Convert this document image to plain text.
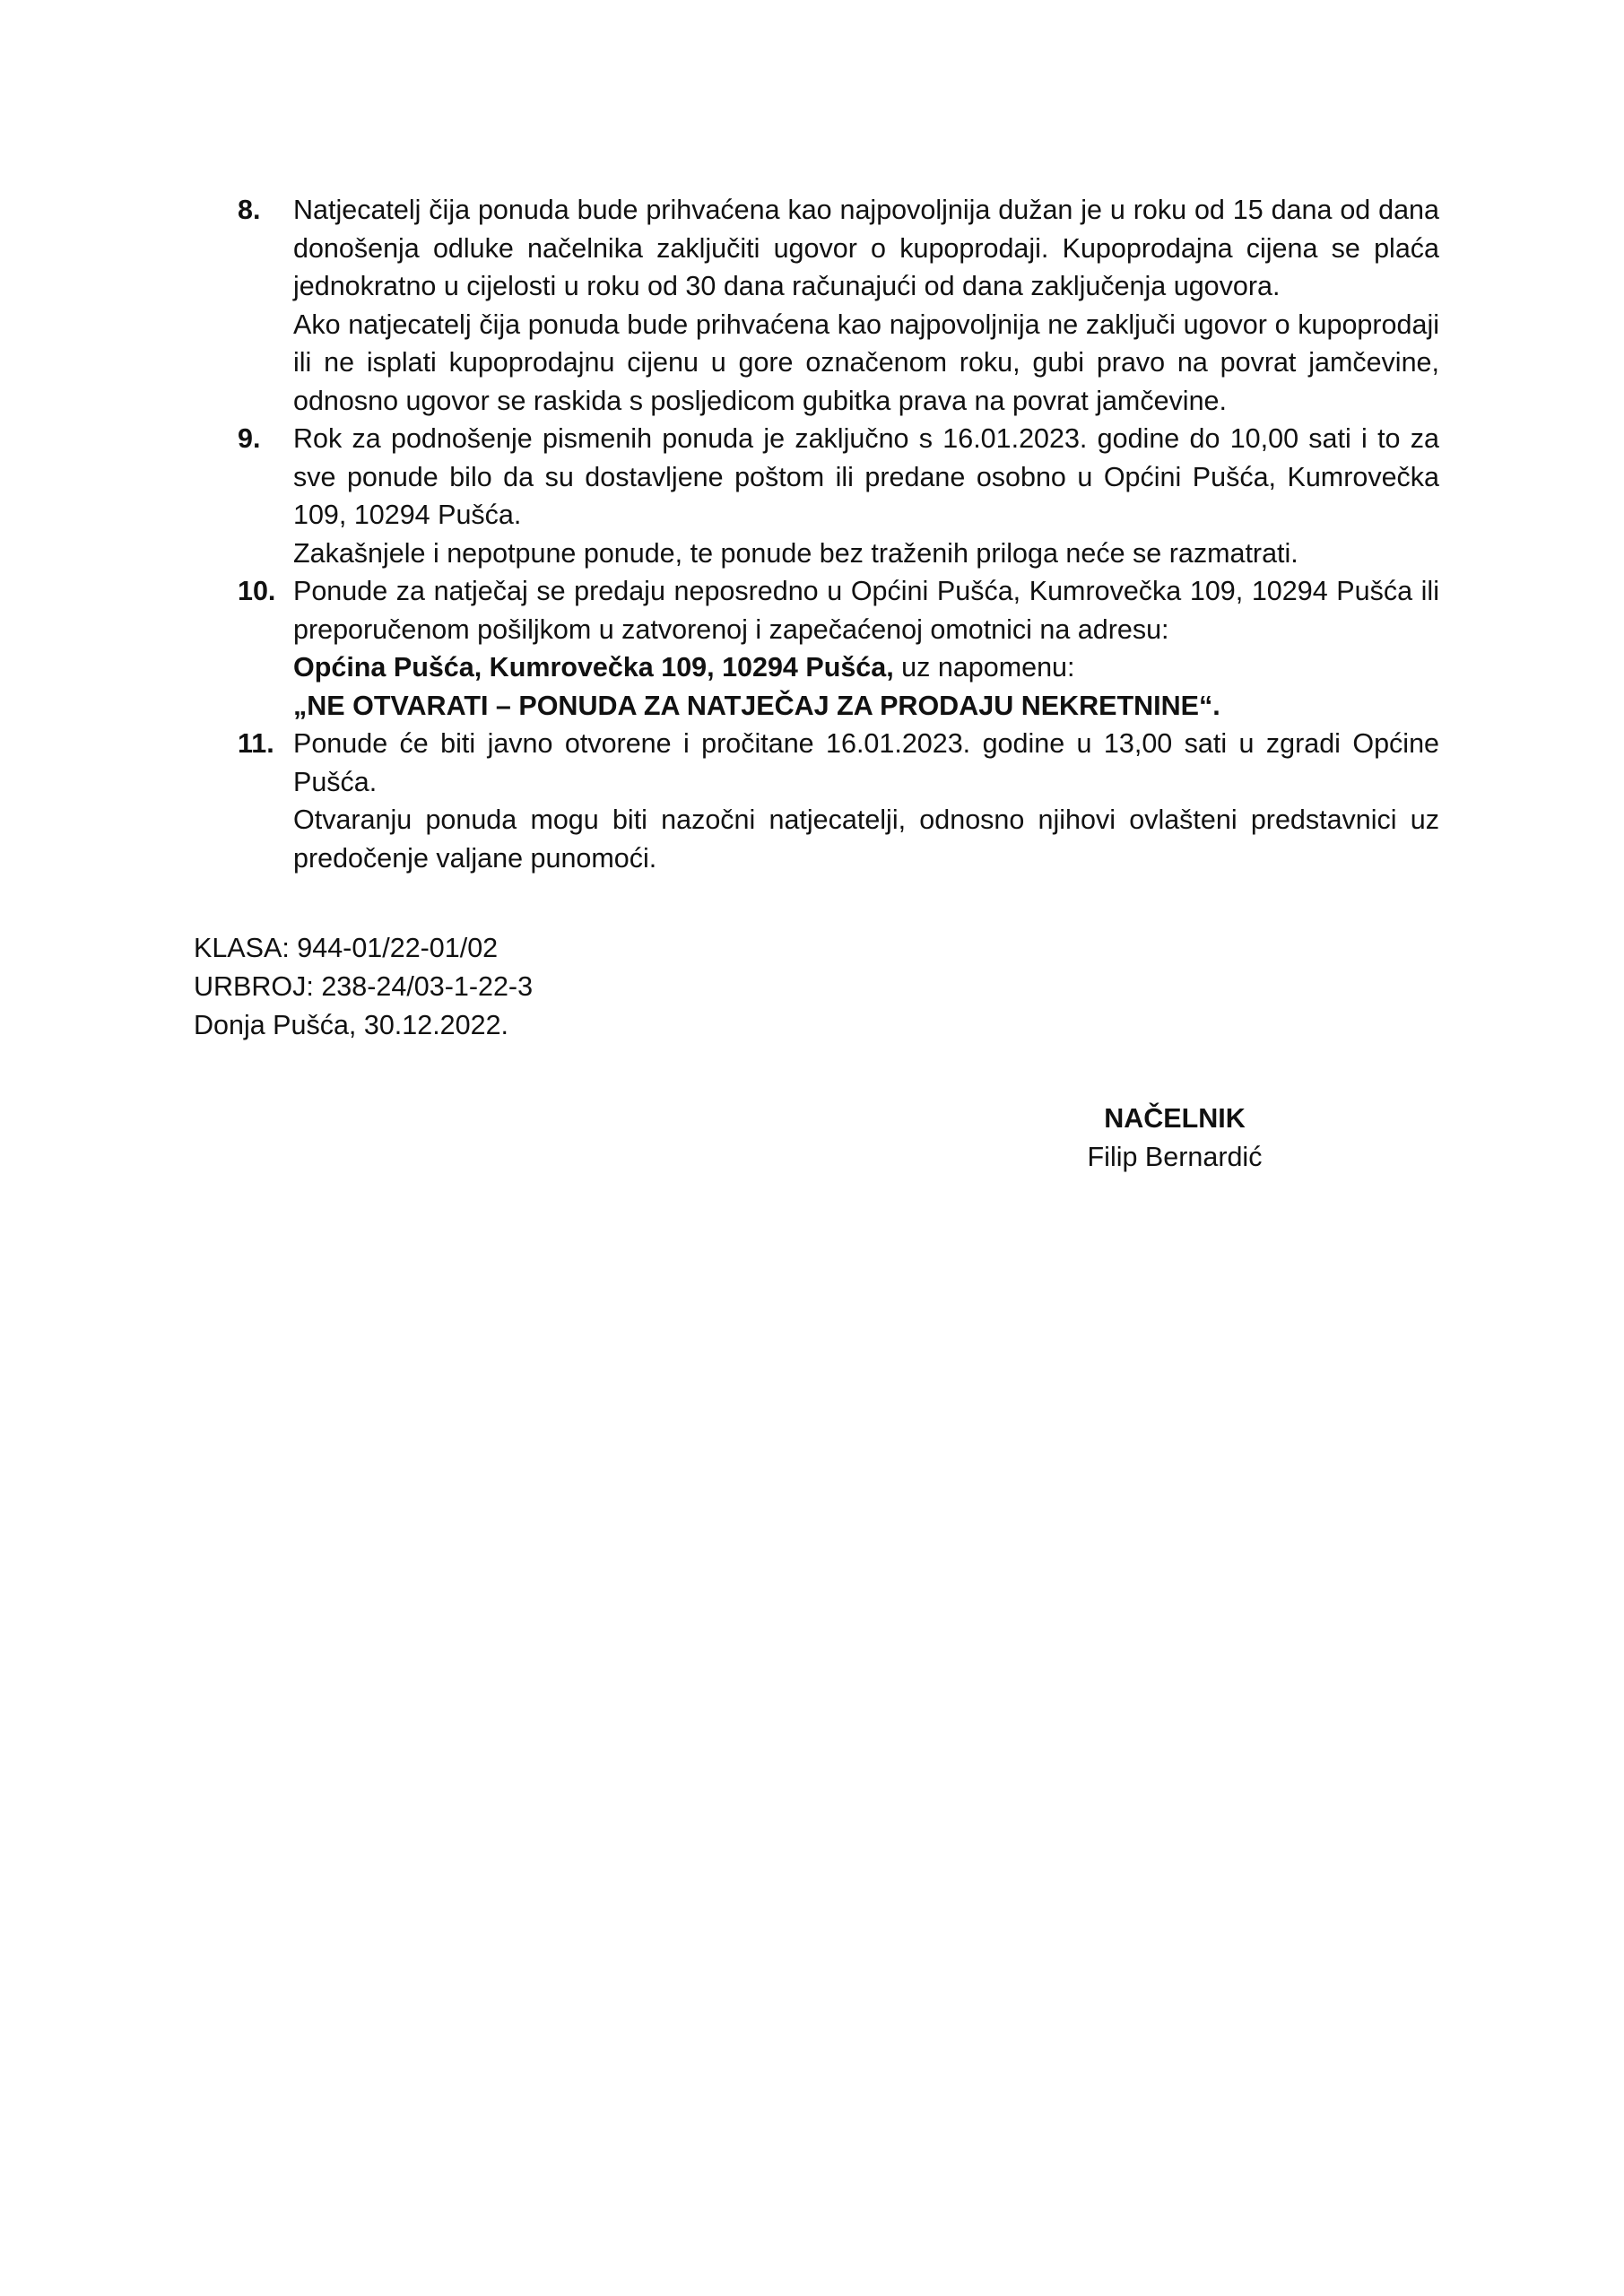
8. Natjecatelj čija ponuda bude prihvaćena kao najpovoljnija dužan je u roku od 15 dana od dana donošenja odluke načelnika zaključiti ugovor o kupoprodaji. Kupoprodajna cijena se plaća jednokratno u cijelosti u roku od 30 dana računajući od dana zaključenja ugovora.

Ako natjecatelj čija ponuda bude prihvaćena kao najpovoljnija ne zaključi ugovor o kupoprodaji ili ne isplati kupoprodajnu cijenu u gore označenom roku, gubi pravo na povrat jamčevine, odnosno ugovor se raskida s posljedicom gubitka prava na povrat jamčevine.

9. Rok za podnošenje pismenih ponuda je zaključno s 16.01.2023. godine do 10,00 sati i to za sve ponude bilo da su dostavljene poštom ili predane osobno u Općini Pušća, Kumrovečka 109, 10294 Pušća.

Zakašnjele i nepotpune ponude, te ponude bez traženih priloga neće se razmatrati.

10. Ponude za natječaj se predaju neposredno u Općini Pušća, Kumrovečka 109, 10294 Pušća ili preporučenom pošiljkom u zatvorenoj i zapečaćenoj omotnici na adresu:

Općina Pušća, Kumrovečka 109, 10294 Pušća, uz napomenu:

„NE OTVARATI – PONUDA ZA NATJEČAJ ZA PRODAJU NEKRETNINE“.

11. Ponude će biti javno otvorene i pročitane 16.01.2023. godine u 13,00 sati u zgradi Općine Pušća.

Otvaranju ponuda mogu biti nazočni natjecatelji, odnosno njihovi ovlašteni predstavnici uz predočenje valjane punomoći.

KLASA: 944-01/22-01/02
URBROJ: 238-24/03-1-22-3
Donja Pušća, 30.12.2022.
NAČELNIK
Filip Bernardić
